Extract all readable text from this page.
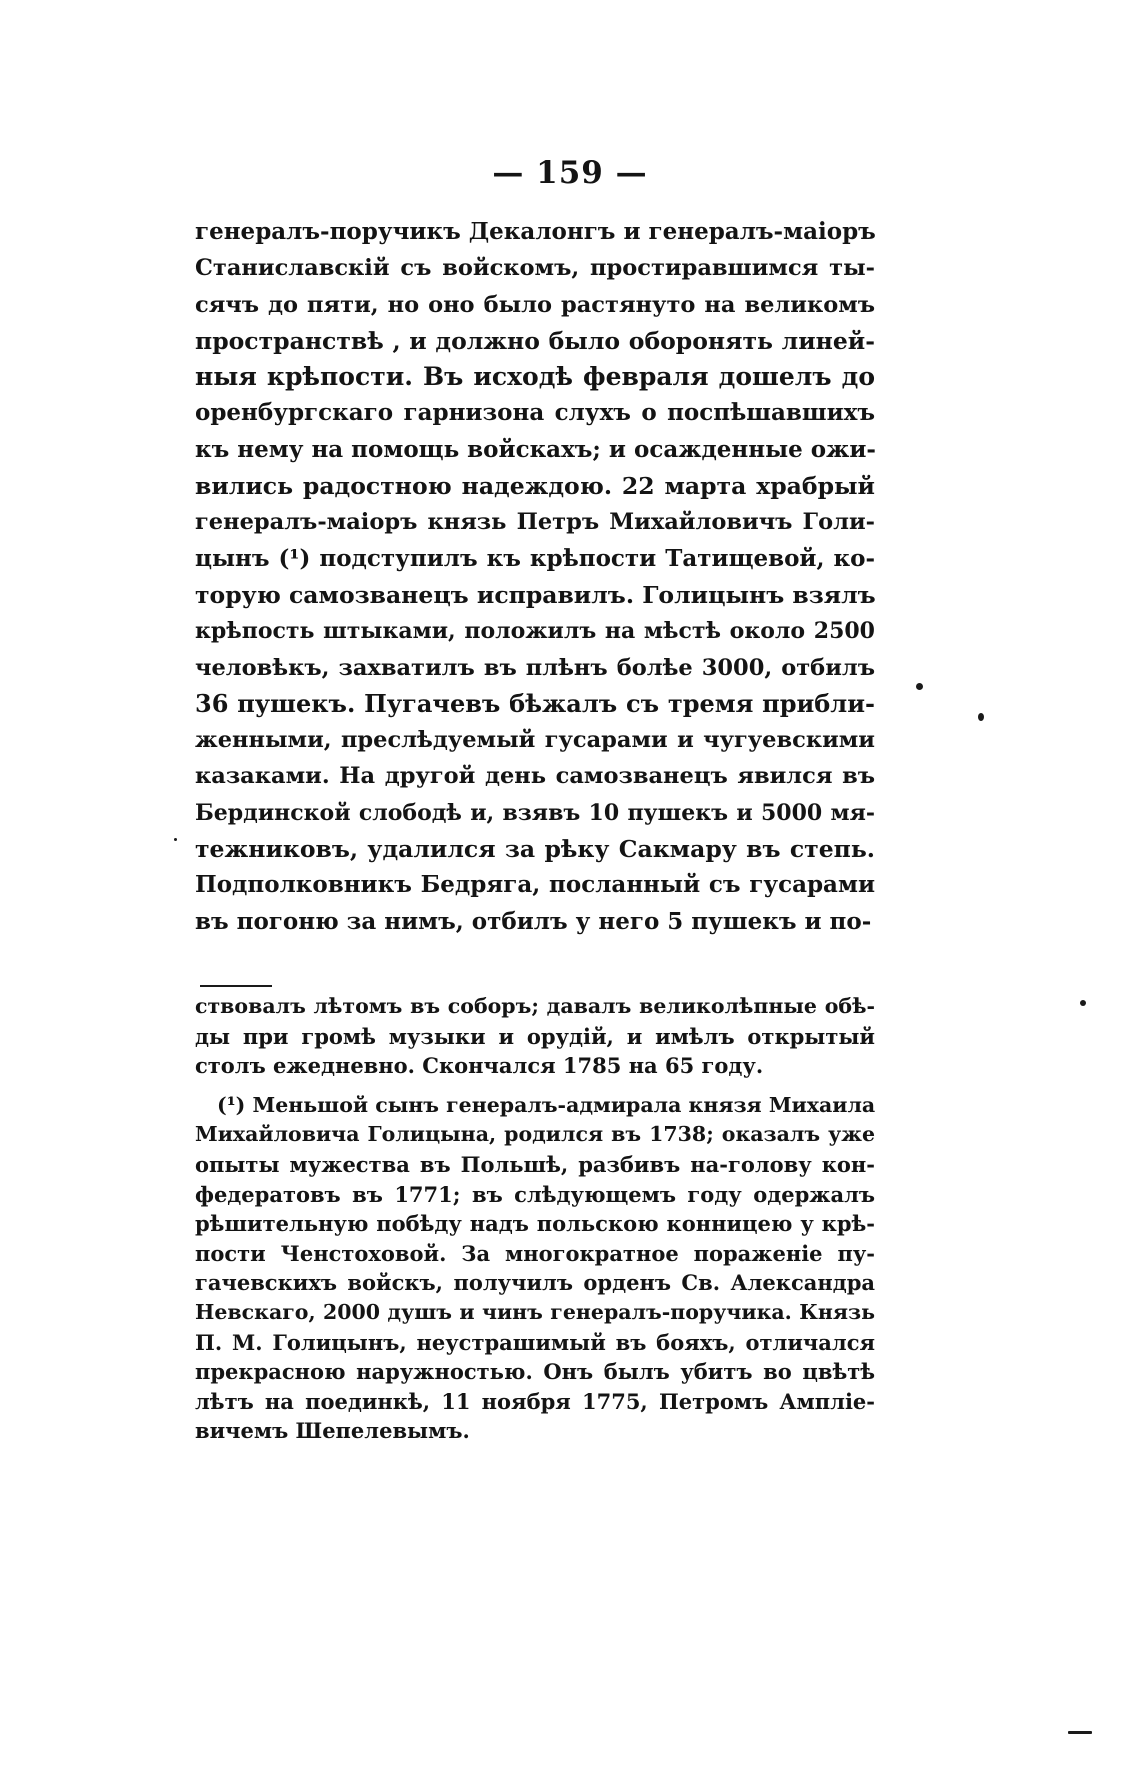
— 159 —
генералъ-поручикъ Декалонгъ и генералъ-маіоръ
Станиславскій съ войскомъ, простиравшимся ты-
сячъ до пяти, но оно было растянуто на великомъ
пространствѣ , и должно было оборонять линей-
ныя крѣпости. Въ исходѣ февраля дошелъ до
оренбургскаго гарнизона слухъ о поспѣшавшихъ
къ нему на помощь войскахъ; и осажденные ожи-
вились радостною надеждою. 22 марта храбрый
генералъ-маіоръ князь Петръ Михайловичъ Голи-
цынъ (¹) подступилъ къ крѣпости Татищевой, ко-
торую самозванецъ исправилъ. Голицынъ взялъ
крѣпость штыками, положилъ на мѣстѣ около 2500
человѣкъ, захватилъ въ плѣнъ болѣе 3000, отбилъ
36 пушекъ. Пугачевъ бѣжалъ съ тремя прибли-
женными, преслѣдуемый гусарами и чугуевскими
казаками. На другой день самозванецъ явился въ
Бердинской слободѣ и, взявъ 10 пушекъ и 5000 мя-
тежниковъ, удалился за рѣку Сакмару въ степь.
Подполковникъ Бедряга, посланный съ гусарами
въ погоню за нимъ, отбилъ у него 5 пушекъ и по-
ствовалъ лѣтомъ въ соборъ; давалъ великолѣпные обѣ-
ды при громѣ музыки и орудій, и имѣлъ открытый
столъ ежедневно. Скончался 1785 на 65 году.
(¹) Меньшой сынъ генералъ-адмирала князя Михаила
Михайловича Голицына, родился въ 1738; оказалъ уже
опыты мужества въ Польшѣ, разбивъ на-голову кон-
федератовъ въ 1771; въ слѣдующемъ году одержалъ
рѣшительную побѣду надъ польскою конницею у крѣ-
пости Ченстоховой. За многократное пораженіе пу-
гачевскихъ войскъ, получилъ орденъ Св. Александра
Невскаго, 2000 душъ и чинъ генералъ-поручика. Князь
П. М. Голицынъ, неустрашимый въ бояхъ, отличался
прекрасною наружностью. Онъ былъ убитъ во цвѣтѣ
лѣтъ на поединкѣ, 11 ноября 1775, Петромъ Ампліе-
вичемъ Шепелевымъ.
